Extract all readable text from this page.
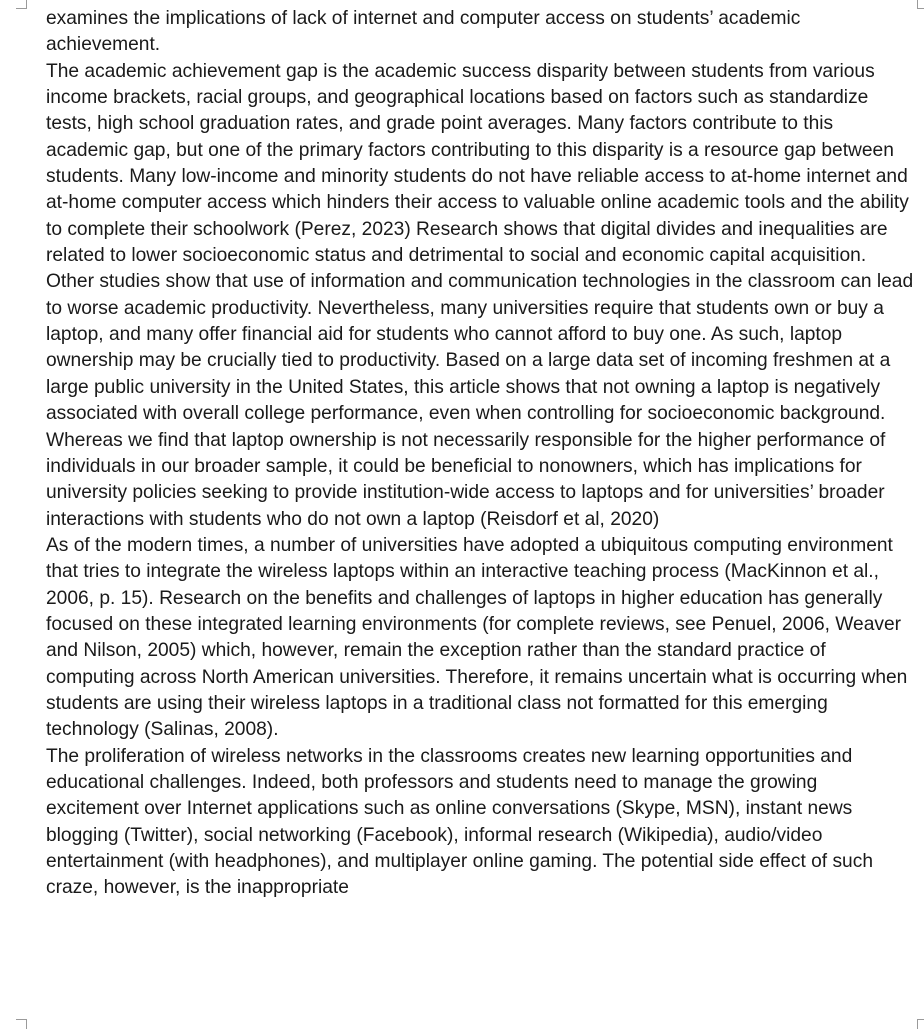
examines the implications of lack of internet and computer access on students’ academic achievement.

The academic achievement gap is the academic success disparity between students from various income brackets, racial groups, and geographical locations based on factors such as standardize tests, high school graduation rates, and grade point averages. Many factors contribute to this academic gap, but one of the primary factors contributing to this disparity is a resource gap between students. Many low-income and minority students do not have reliable access to at-home internet and at-home computer access which hinders their access to valuable online academic tools and the ability to complete their schoolwork (Perez, 2023) Research shows that digital divides and inequalities are related to lower socioeconomic status and detrimental to social and economic capital acquisition. Other studies show that use of information and communication technologies in the classroom can lead to worse academic productivity. Nevertheless, many universities require that students own or buy a laptop, and many offer financial aid for students who cannot afford to buy one. As such, laptop ownership may be crucially tied to productivity. Based on a large data set of incoming freshmen at a large public university in the United States, this article shows that not owning a laptop is negatively associated with overall college performance, even when controlling for socioeconomic background. Whereas we find that laptop ownership is not necessarily responsible for the higher performance of individuals in our broader sample, it could be beneficial to nonowners, which has implications for university policies seeking to provide institution-wide access to laptops and for universities’ broader interactions with students who do not own a laptop (Reisdorf et al, 2020)

As of the modern times, a number of universities have adopted a ubiquitous computing environment that tries to integrate the wireless laptops within an interactive teaching process (MacKinnon et al., 2006, p. 15). Research on the benefits and challenges of laptops in higher education has generally focused on these integrated learning environments (for complete reviews, see Penuel, 2006, Weaver and Nilson, 2005) which, however, remain the exception rather than the standard practice of computing across North American universities. Therefore, it remains uncertain what is occurring when students are using their wireless laptops in a traditional class not formatted for this emerging technology (Salinas, 2008).

The proliferation of wireless networks in the classrooms creates new learning opportunities and educational challenges. Indeed, both professors and students need to manage the growing excitement over Internet applications such as online conversations (Skype, MSN), instant news blogging (Twitter), social networking (Facebook), informal research (Wikipedia), audio/video entertainment (with headphones), and multiplayer online gaming. The potential side effect of such craze, however, is the inappropriate
